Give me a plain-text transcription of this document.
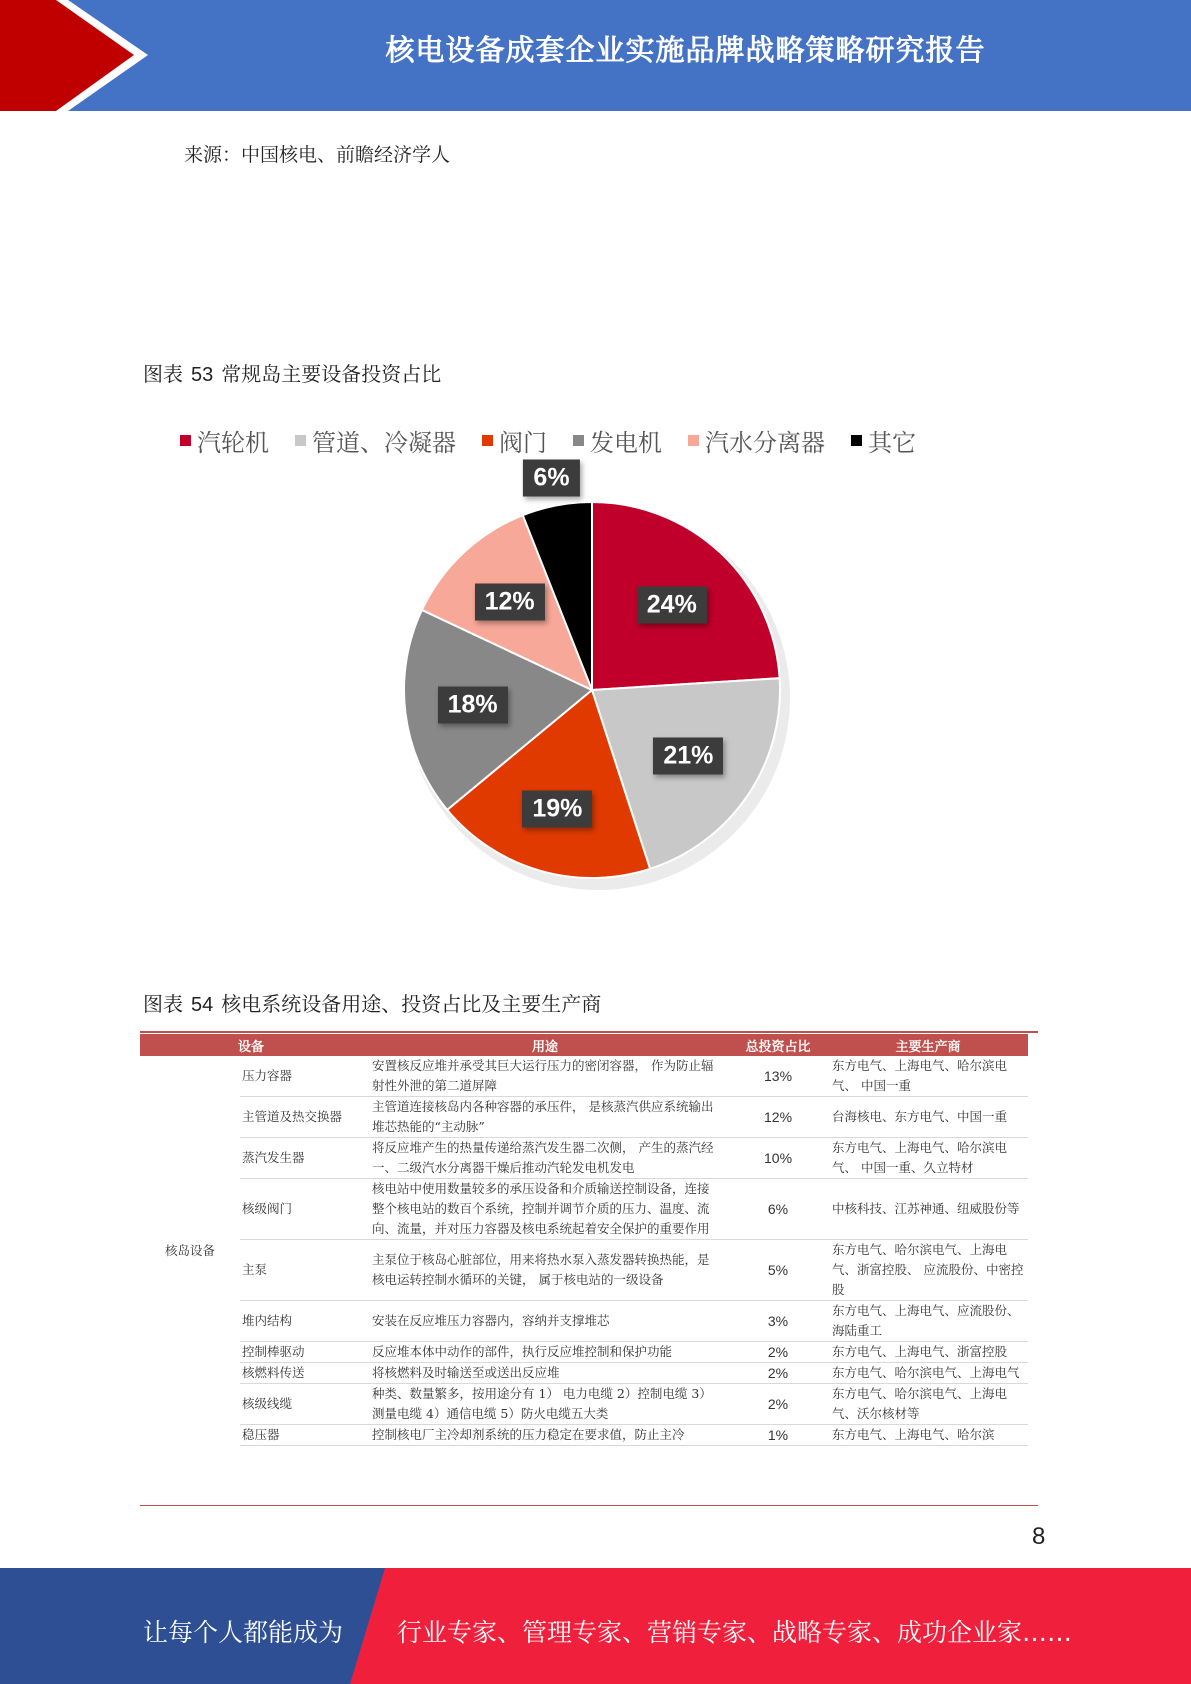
核电设备成套企业实施品牌战略策略研究报告
来源：中国核电、前瞻经济学人
图表 53 常规岛主要设备投资占比
汽轮机 管道、冷凝器 阀门 发电机 汽水分离器 其它
24%
21%
19%
18%
12%
6%
图表 54 核电系统设备用途、投资占比及主要生产商
设备		用途	总投资占比	主要生产商
核岛设备	压力容器	安置核反应堆并承受其巨大运行压力的密闭容器， 作为防止辐射性外泄的第二道屏障	13%	东方电气、上海电气、哈尔滨电气、 中国一重
	主管道及热交换器	主管道连接核岛内各种容器的承压件， 是核蒸汽供应系统输出堆芯热能的“主动脉”	12%	台海核电、东方电气、中国一重
	蒸汽发生器	将反应堆产生的热量传递给蒸汽发生器二次侧， 产生的蒸汽经一、二级汽水分离器干燥后推动汽轮发电机发电	10%	东方电气、上海电气、哈尔滨电气、 中国一重、久立特材
	核级阀门	核电站中使用数量较多的承压设备和介质输送控制设备，连接整个核电站的数百个系统，控制并调节介质的压力、温度、流向、流量，并对压力容器及核电系统起着安全保护的重要作用	6%	中核科技、江苏神通、纽威股份等
	主泵	主泵位于核岛心脏部位，用来将热水泵入蒸发器转换热能，是核电运转控制水循环的关键， 属于核电站的一级设备	5%	东方电气、哈尔滨电气、上海电气、浙富控股、 应流股份、中密控股
	堆内结构	安装在反应堆压力容器内，容纳并支撑堆芯	3%	东方电气、上海电气、应流股份、海陆重工
	控制棒驱动	反应堆本体中动作的部件，执行反应堆控制和保护功能	2%	东方电气、上海电气、浙富控股
	核燃料传送	将核燃料及时输送至或送出反应堆	2%	东方电气、哈尔滨电气、上海电气
	核级线缆	种类、数量繁多，按用途分有 1） 电力电缆 2）控制电缆 3）测量电缆 4）通信电缆 5）防火电缆五大类	2%	东方电气、哈尔滨电气、上海电气、沃尔核材等
	稳压器	控制核电厂主冷却剂系统的压力稳定在要求值，防止主冷	1%	东方电气、上海电气、哈尔滨
8
让每个人都能成为 行业专家、管理专家、营销专家、战略专家、成功企业家……
